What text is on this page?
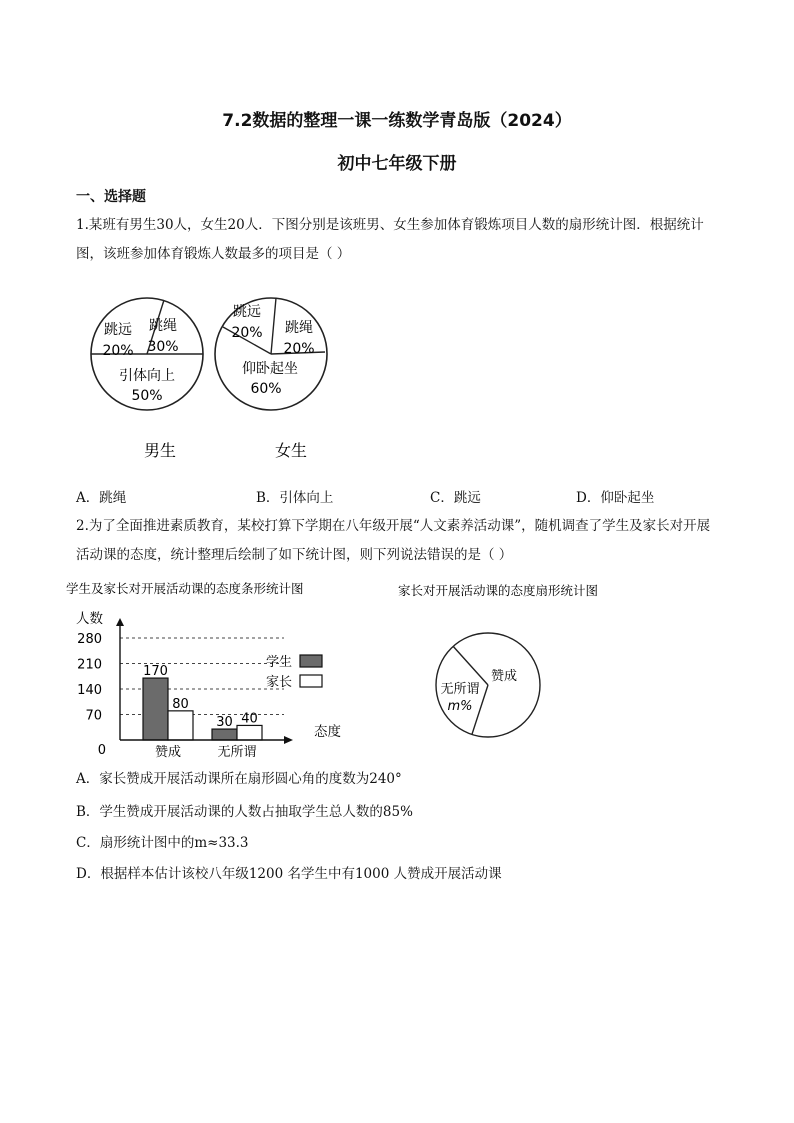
7.2数据的整理一课一练数学青岛版（2024）
初中七年级下册
一、选择题
1.某班有男生30人，女生20人．下图分别是该班男、女生参加体育锻炼项目人数的扇形统计图．根据统计图，该班参加体育锻炼人数最多的项目是（ ）
跳远
20%
跳绳
30%
引体向上
50%
男生
跳远
20% 跳绳
20%
仰卧起坐
60%
女生
A．跳绳	B．引体向上	C．跳远	D．仰卧起坐
2.为了全面推进素质教育，某校打算下学期在八年级开展“人文素养活动课”，随机调查了学生及家长对开展活动课的态度，统计整理后绘制了如下统计图，则下列说法错误的是（ ）
学生及家长对开展活动课的态度条形统计图
人数
态度
170
80
30 40
0
70
140
210
280
赞成	无所谓
学生
家长
家长对开展活动课的态度扇形统计图
赞成
无所谓
m%
A．家长赞成开展活动课所在扇形圆心角的度数为240°
B．学生赞成开展活动课的人数占抽取学生总人数的85%
C．扇形统计图中的m≈33.3
D．根据样本估计该校八年级1200 名学生中有1000 人赞成开展活动课
